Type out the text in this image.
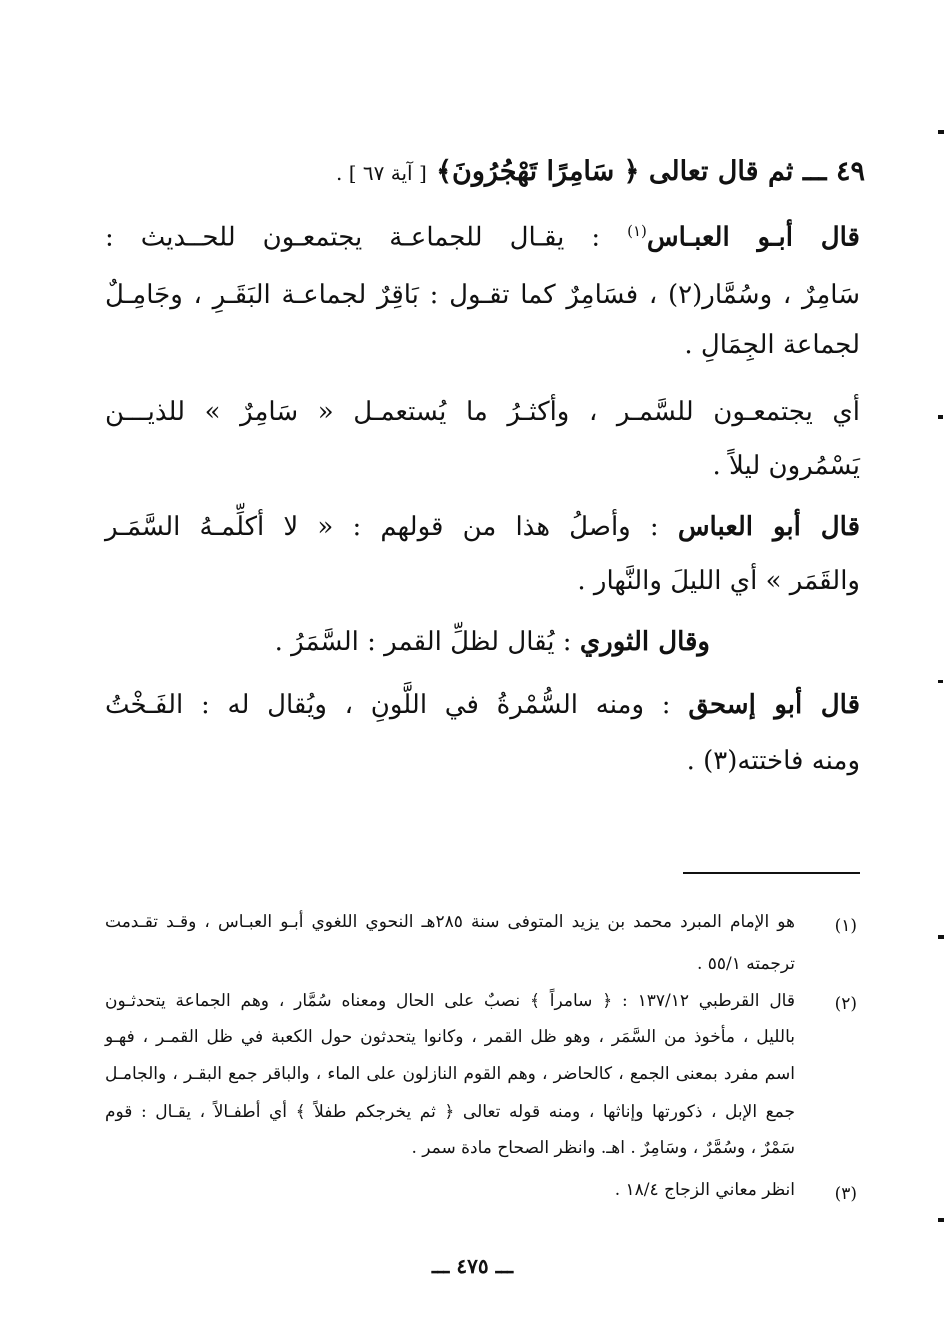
٤٩ ـــ ثم قال تعالى ﴿ سَامِرًا تَهْجُرُونَ﴾ [ آية ٦٧ ] .
قال أبـو العبـاس$^{(١)}$ : يقـال للجماعـة يجتمعـون للحــديث :
سَامِرٌ ، وسُمَّار(٢) ، فسَامِرٌ كما تقـول : بَاقِرٌ لجماعـة البَقَـرِ ، وجَامِـلٌ
لجماعة الجِمَالِ .
أي يجتمعـون للسَّمـر ، وأكثـرُ ما يُستعمـل « سَامِرٌ » للذيـــن
يَسْمُرون ليلاً .
قال أبو العباس : وأصلُ هذا من قولهم : « لا أكلِّمـهُ السَّمَـر
والقَمَر » أي الليلَ والنَّهار .
وقال الثوري : يُقال لظلِّ القمر : السَّمَرُ .
قال أبو إسحق : ومنه السُّمْرةُ في اللَّونِ ، ويُقال له : الفَـخْتُ
ومنه فاختته(٣) .
(١)
هو الإمام المبرد محمد بن يزيد المتوفى سنة ٢٨٥هـ النحوي اللغوي أبـو العبـاس ، وقـد تقـدمت
ترجمته ٥٥/١ .
(٢)
قال القرطبي ١٣٧/١٢ : ﴿ سامراً ﴾ نصبٌ على الحال ومعناه سُمَّار ، وهم الجماعة يتحدثـون
بالليل ، مأخوذ من السَّمَر ، وهو ظل القمر ، وكانوا يتحدثون حول الكعبة في ظل القمـر ، فهـو
اسم مفرد بمعنى الجمع ، كالحاضر ، وهم القوم النازلون على الماء ، والباقر جمع البقـر ، والجامـل
جمع الإبل ، ذكورتها وإناثها ، ومنه قوله تعالى ﴿ ثم يخرجكم طفلاً ﴾ أي أطفـالاً ، يقـال : قوم
سَمْرٌ ، وسُمَّرٌ ، وسَامِرٌ . اهـ. وانظر الصحاح مادة سمر .
(٣)
انظر معاني الزجاج ١٨/٤ .
ـــ ٤٧٥ ـــ
